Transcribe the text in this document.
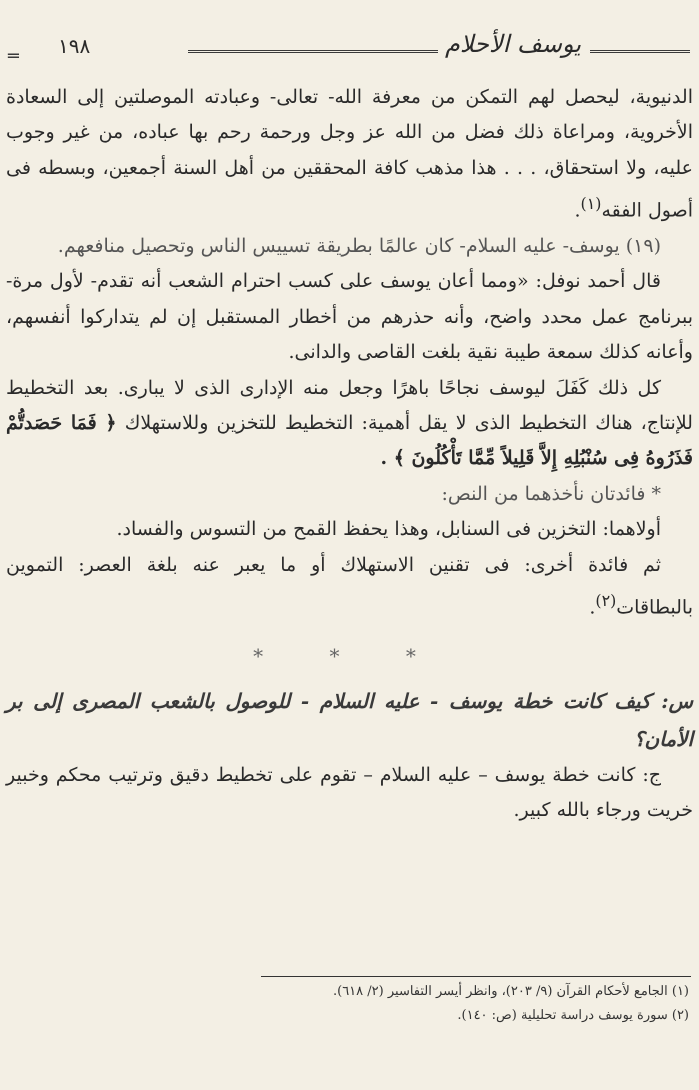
═ ١٩٨	يوسف الأحلام

الدنيوية، ليحصل لهم التمكن من معرفة الله- تعالى- وعبادته الموصلتين إلى السعادة الأخروية، ومراعاة ذلك فضل من الله عز وجل ورحمة رحم بها عباده، من غير وجوب عليه، ولا استحقاق، . . . هذا مذهب كافة المحققين من أهل السنة أجمعين، وبسطه فى أصول الفقه$^{(١)}$.

(١٩) يوسف- عليه السلام- كان عالمًا بطريقة تسييس الناس وتحصيل منافعهم.

قال أحمد نوفل: «ومما أعان يوسف على كسب احترام الشعب أنه تقدم- لأول مرة- ببرنامج عمل محدد واضح، وأنه حذرهم من أخطار المستقبل إن لم يتداركوا أنفسهم، وأعانه كذلك سمعة طيبة نقية بلغت القاصى والدانى.

كل ذلك كَفَلَ ليوسف نجاحًا باهرًا وجعل منه الإدارى الذى لا يبارى. بعد التخطيط للإنتاج، هناك التخطيط الذى لا يقل أهمية: التخطيط للتخزين وللاستهلاك ﴿ فَمَا حَصَدتُّمْ فَذَرُوهُ فِى سُنْبُلِهِ إِلاَّ قَلِيلاً مِّمَّا تَأْكُلُونَ ﴾ .

* فائدتان نأخذهما من النص:

أولاهما: التخزين فى السنابل، وهذا يحفظ القمح من التسوس والفساد.

ثم فائدة أخرى: فى تقنين الاستهلاك أو ما يعبر عنه بلغة العصر: التموين بالبطاقات$^{(٢)}$.

* * *

س: كيف كانت خطة يوسف - عليه السلام - للوصول بالشعب المصرى إلى بر الأمان؟

ج: كانت خطة يوسف – عليه السلام – تقوم على تخطيط دقيق وترتيب محكم وخبير خريت ورجاء بالله كبير.

(١) الجامع لأحكام القرآن (٩/ ٢٠٣)، وانظر أيسر التفاسير (٢/ ٦١٨).
(٢) سورة يوسف دراسة تحليلية (ص: ١٤٠).
